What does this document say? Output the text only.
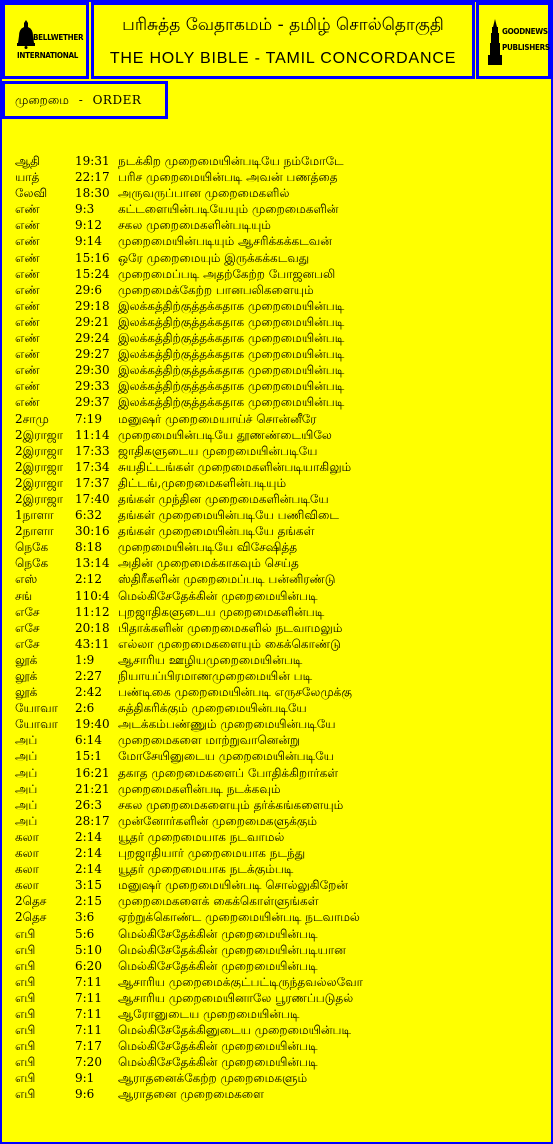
BELLWETHER
INTERNATIONAL
பரிசுத்த வேதாகமம் - தமிழ் சொல்தொகுதி
THE HOLY BIBLE - TAMIL CONCORDANCE
GOODNEWS
PUBLISHERS
முறைமை - ORDER
ஆதி	19:31 நடக்கிற முறைமையின்படியே நம்மோடே
யாத்	22:17 பரிச முறைமையின்படி அவன் பணத்தை
லேவி	18:30 அருவருப்பான முறைமைகளில்
எண்	9:3	கட்டளையின்படியேயும் முறைமைகளின்
எண்	9:12	சகல முறைமைகளின்படியும்
எண்	9:14	முறைமையின்படியும் ஆசரிக்கக்கடவன்
எண்	15:16 ஒரே முறைமையும் இருக்கக்கடவது
எண்	15:24 முறைமைப்படி அதற்கேற்ற போஜனபலி
எண்	29:6	முறைமைக்கேற்ற பானபலிகளையும்
எண்	29:18 இலக்கத்திற்குத்தக்கதாக முறைமையின்படி
எண்	29:21 இலக்கத்திற்குத்தக்கதாக முறைமையின்படி
எண்	29:24 இலக்கத்திற்குத்தக்கதாக முறைமையின்படி
எண்	29:27 இலக்கத்திற்குத்தக்கதாக முறைமையின்படி
எண்	29:30 இலக்கத்திற்குத்தக்கதாக முறைமையின்படி
எண்	29:33 இலக்கத்திற்குத்தக்கதாக முறைமையின்படி
எண்	29:37 இலக்கத்திற்குத்தக்கதாக முறைமையின்படி
2சாமு	7:19	மனுஷர் முறைமையாய்ச் சொன்னீரே
2இராஜா 11:14 முறைமையின்படியே தூணண்டையிலே
2இராஜா 17:33 ஜாதிகளுடைய முறைமையின்படியே
2இராஜா 17:34 சுயதிட்டங்கள் முறைமைகளின்படியாகிலும்
2இராஜா 17:37 திட்டங்,முறைமைகளின்படியும்
2இராஜா 17:40 தங்கள் முந்தின முறைமைகளின்படியே
1நாளா	6:32	தங்கள் முறைமையின்படியே பணிவிடை
2நாளா	30:16 தங்கள் முறைமையின்படியே தங்கள்
நெகே	8:18	முறைமையின்படியே விசேஷித்த
நெகே	13:14 அதின் முறைமைக்காகவும் செய்த
எஸ்	2:12	ஸ்திரீகளின் முறைமைப்படி பன்னிரண்டு
சங்	110:4 மெல்கிசேதேக்கின் முறைமையின்படி
எசே	11:12 புறஜாதிகளுடைய முறைமைகளின்படி
எசே	20:18 பிதாக்களின் முறைமைகளில் நடவாமலும்
எசே	43:11 எல்லா முறைமைகளையும் கைக்கொண்டு
லூக்	1:9	ஆசாரிய ஊழியமுறைமையின்படி
லூக்	2:27	நியாயப்பிரமாணமுறைமையின் படி
லூக்	2:42	பண்டிகை முறைமையின்படி எருசலேமுக்கு
யோவா	2:6	சுத்திகரிக்கும் முறைமையின்படியே
யோவா	19:40 அடக்கம்பண்ணும் முறைமையின்படியே
அப்	6:14	முறைமைகளை மாற்றுவானென்று
அப்	15:1	மோசேயினுடைய முறைமையின்படியே
அப்	16:21 தகாத முறைமைகளைப் போதிக்கிறார்கள்
அப்	21:21 முறைமைகளின்படி நடக்கவும்
அப்	26:3	சகல முறைமைகளையும் தர்க்கங்களையும்
அப்	28:17 முன்னோர்களின் முறைமைகளுக்கும்
கலா	2:14	யூதர் முறைமையாக நடவாமல்
கலா	2:14	புறஜாதியார் முறைமையாக நடந்து
கலா	2:14	யூதர் முறைமையாக நடக்கும்படி
கலா	3:15	மனுஷர் முறைமையின்படி சொல்லுகிறேன்
2தெச	2:15	முறைமைகளைக் கைக்கொள்ளுங்கள்
2தெச	3:6	ஏற்றுக்கொண்ட முறைமையின்படி நடவாமல்
எபி	5:6	மெல்கிசேதேக்கின் முறைமையின்படி
எபி	5:10	மெல்கிசேதேக்கின் முறைமையின்படியான
எபி	6:20	மெல்கிசேதேக்கின் முறைமையின்படி
எபி	7:11	ஆசாரிய முறைமைக்குட்பட்டிருந்தவல்லவோ
எபி	7:11	ஆசாரிய முறைமையினாலே பூரணப்படுதல்
எபி	7:11	ஆரோனுடைய முறைமையின்படி
எபி	7:11	மெல்கிசேதேக்கினுடைய முறைமையின்படி
எபி	7:17	மெல்கிசேதேக்கின் முறைமையின்படி
எபி	7:20	மெல்கிசேதேக்கின் முறைமையின்படி
எபி	9:1	ஆராதனைக்கேற்ற முறைமைகளும்
எபி	9:6	ஆராதனை முறைமைகளை
